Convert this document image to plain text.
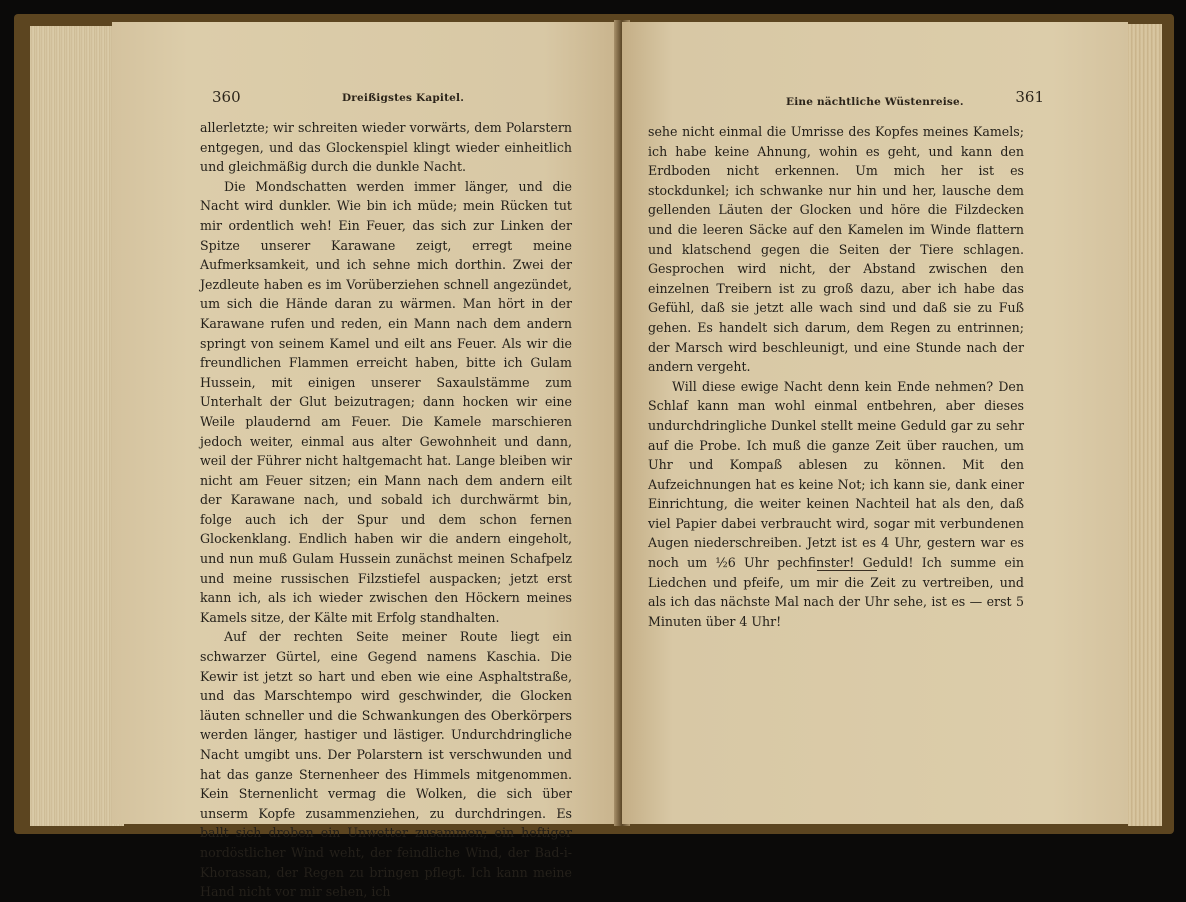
360	Dreißigstes Kapitel.

allerletzte; wir schreiten wieder vorwärts, dem Polarstern entgegen, und das Glockenspiel klingt wieder einheitlich und gleichmäßig durch die dunkle Nacht.

Die Mondschatten werden immer länger, und die Nacht wird dunkler. Wie bin ich müde; mein Rücken tut mir ordentlich weh! Ein Feuer, das sich zur Linken der Spitze unserer Karawane zeigt, erregt meine Aufmerksamkeit, und ich sehne mich dorthin. Zwei der Jezdleute haben es im Vorüberziehen schnell angezündet, um sich die Hände daran zu wärmen. Man hört in der Karawane rufen und reden, ein Mann nach dem andern springt von seinem Kamel und eilt ans Feuer. Als wir die freundlichen Flammen erreicht haben, bitte ich Gulam Hussein, mit einigen unserer Saxaulstämme zum Unterhalt der Glut beizutragen; dann hocken wir eine Weile plaudernd am Feuer. Die Kamele marschieren jedoch weiter, einmal aus alter Gewohnheit und dann, weil der Führer nicht haltgemacht hat. Lange bleiben wir nicht am Feuer sitzen; ein Mann nach dem andern eilt der Karawane nach, und sobald ich durchwärmt bin, folge auch ich der Spur und dem schon fernen Glockenklang. Endlich haben wir die andern eingeholt, und nun muß Gulam Hussein zunächst meinen Schafpelz und meine russischen Filzstiefel auspacken; jetzt erst kann ich, als ich wieder zwischen den Höckern meines Kamels sitze, der Kälte mit Erfolg standhalten.

Auf der rechten Seite meiner Route liegt ein schwarzer Gürtel, eine Gegend namens Kaschia. Die Kewir ist jetzt so hart und eben wie eine Asphaltstraße, und das Marschtempo wird geschwinder, die Glocken läuten schneller und die Schwankungen des Oberkörpers werden länger, hastiger und lästiger. Undurchdringliche Nacht umgibt uns. Der Polarstern ist verschwunden und hat das ganze Sternenheer des Himmels mitgenommen. Kein Sternenlicht vermag die Wolken, die sich über unserm Kopfe zusammenziehen, zu durchdringen. Es ballt sich droben ein Unwetter zusammen; ein heftiger nordöstlicher Wind weht, der feindliche Wind, der Bad-i-Khorassan, der Regen zu bringen pflegt. Ich kann meine Hand nicht vor mir sehen, ich

Eine nächtliche Wüstenreise.	361

sehe nicht einmal die Umrisse des Kopfes meines Kamels; ich habe keine Ahnung, wohin es geht, und kann den Erdboden nicht erkennen. Um mich her ist es stockdunkel; ich schwanke nur hin und her, lausche dem gellenden Läuten der Glocken und höre die Filzdecken und die leeren Säcke auf den Kamelen im Winde flattern und klatschend gegen die Seiten der Tiere schlagen. Gesprochen wird nicht, der Abstand zwischen den einzelnen Treibern ist zu groß dazu, aber ich habe das Gefühl, daß sie jetzt alle wach sind und daß sie zu Fuß gehen. Es handelt sich darum, dem Regen zu entrinnen; der Marsch wird beschleunigt, und eine Stunde nach der andern vergeht.

Will diese ewige Nacht denn kein Ende nehmen? Den Schlaf kann man wohl einmal entbehren, aber dieses undurchdringliche Dunkel stellt meine Geduld gar zu sehr auf die Probe. Ich muß die ganze Zeit über rauchen, um Uhr und Kompaß ablesen zu können. Mit den Aufzeichnungen hat es keine Not; ich kann sie, dank einer Einrichtung, die weiter keinen Nachteil hat als den, daß viel Papier dabei verbraucht wird, sogar mit verbundenen Augen niederschreiben. Jetzt ist es 4 Uhr, gestern war es noch um ½6 Uhr pechfinster! Geduld! Ich summe ein Liedchen und pfeife, um mir die Zeit zu vertreiben, und als ich das nächste Mal nach der Uhr sehe, ist es — erst 5 Minuten über 4 Uhr!
